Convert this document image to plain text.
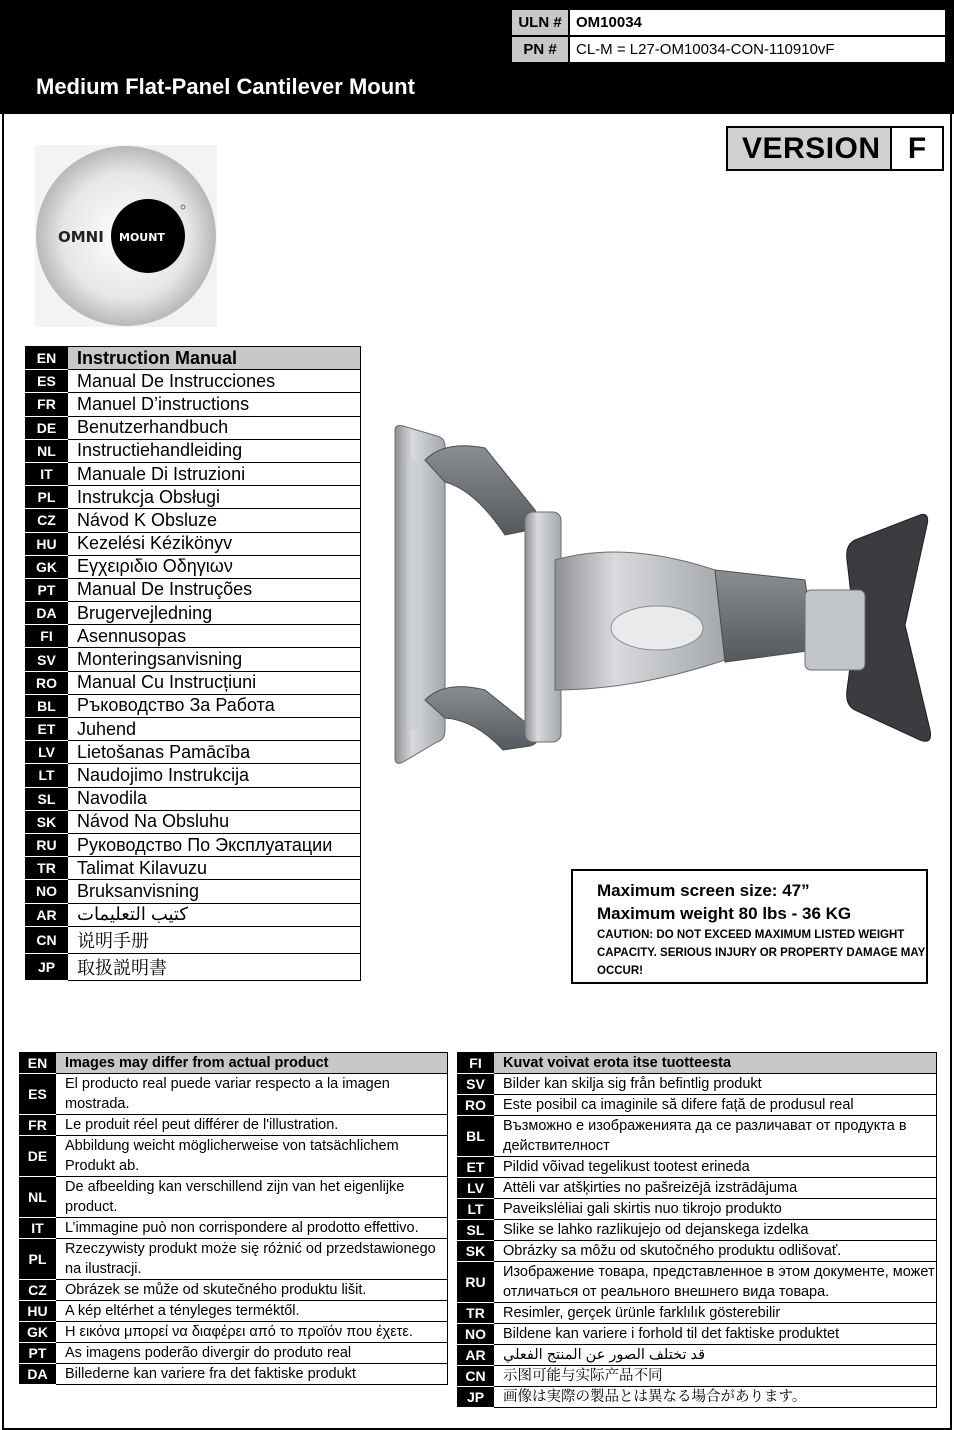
Medium Flat-Panel Cantilever Mount
ULN #	OM10034
PN #	CL-M = L27-OM10034-CON-110910vF
VERSION F
OMNI MOUNT
EN	Instruction Manual
ES	Manual De Instrucciones
FR	Manuel D’instructions
DE	Benutzerhandbuch
NL	Instructiehandleiding
IT	Manuale Di Istruzioni
PL	Instrukcja Obsługi
CZ	Návod K Obsluze
HU	Kezelési Kézikönyv
GK	Εγχειριδιο Οδηγιων
PT	Manual De Instruções
DA	Brugervejledning
FI	Asennusopas
SV	Monteringsanvisning
RO	Manual Cu Instrucțiuni
BL	Ръководство За Работа
ET	Juhend
LV	Lietošanas Pamācība
LT	Naudojimo Instrukcija
SL	Navodila
SK	Návod Na Obsluhu
RU	Руководство По Эксплуатации
TR	Talimat Kilavuzu
NO	Bruksanvisning
AR	كتيب التعليمات
CN	说明手册
JP	取扱説明書
Maximum screen size: 47”
Maximum weight 80 lbs - 36 KG
CAUTION: DO NOT EXCEED MAXIMUM LISTED WEIGHT CAPACITY. SERIOUS INJURY OR PROPERTY DAMAGE MAY OCCUR!
EN	Images may differ from actual product
ES	El producto real puede variar respecto a la imagen mostrada.
FR	Le produit réel peut différer de l'illustration.
DE	Abbildung weicht möglicherweise von tatsächlichem Produkt ab.
NL	De afbeelding kan verschillend zijn van het eigenlijke product.
IT	L’immagine può non corrispondere al prodotto effettivo.
PL	Rzeczywisty produkt może się różnić od przedstawionego na ilustracji.
CZ	Obrázek se může od skutečného produktu lišit.
HU	A kép eltérhet a tényleges terméktől.
GK	Η εικόνα μπορεί να διαφέρει από το προϊόν που έχετε.
PT	As imagens poderão divergir do produto real
DA	Billederne kan variere fra det faktiske produkt
FI	Kuvat voivat erota itse tuotteesta
SV	Bilder kan skilja sig från befintlig produkt
RO	Este posibil ca imaginile să difere față de produsul real
BL	Възможно е изображенията да се различават от продукта в действителност
ET	Pildid võivad tegelikust tootest erineda
LV	Attēli var atšķirties no pašreizējā izstrādājuma
LT	Paveikslėliai gali skirtis nuo tikrojo produkto
SL	Slike se lahko razlikujejo od dejanskega izdelka
SK	Obrázky sa môžu od skutočného produktu odlišovať.
RU	Изображение товара, представленное в этом документе, может отличаться от реального внешнего вида товара.
TR	Resimler, gerçek ürünle farklılık gösterebilir
NO	Bildene kan variere i forhold til det faktiske produktet
AR	قد تختلف الصور عن المنتج الفعلي
CN	示图可能与实际产品不同
JP	画像は実際の製品とは異なる場合があります。
